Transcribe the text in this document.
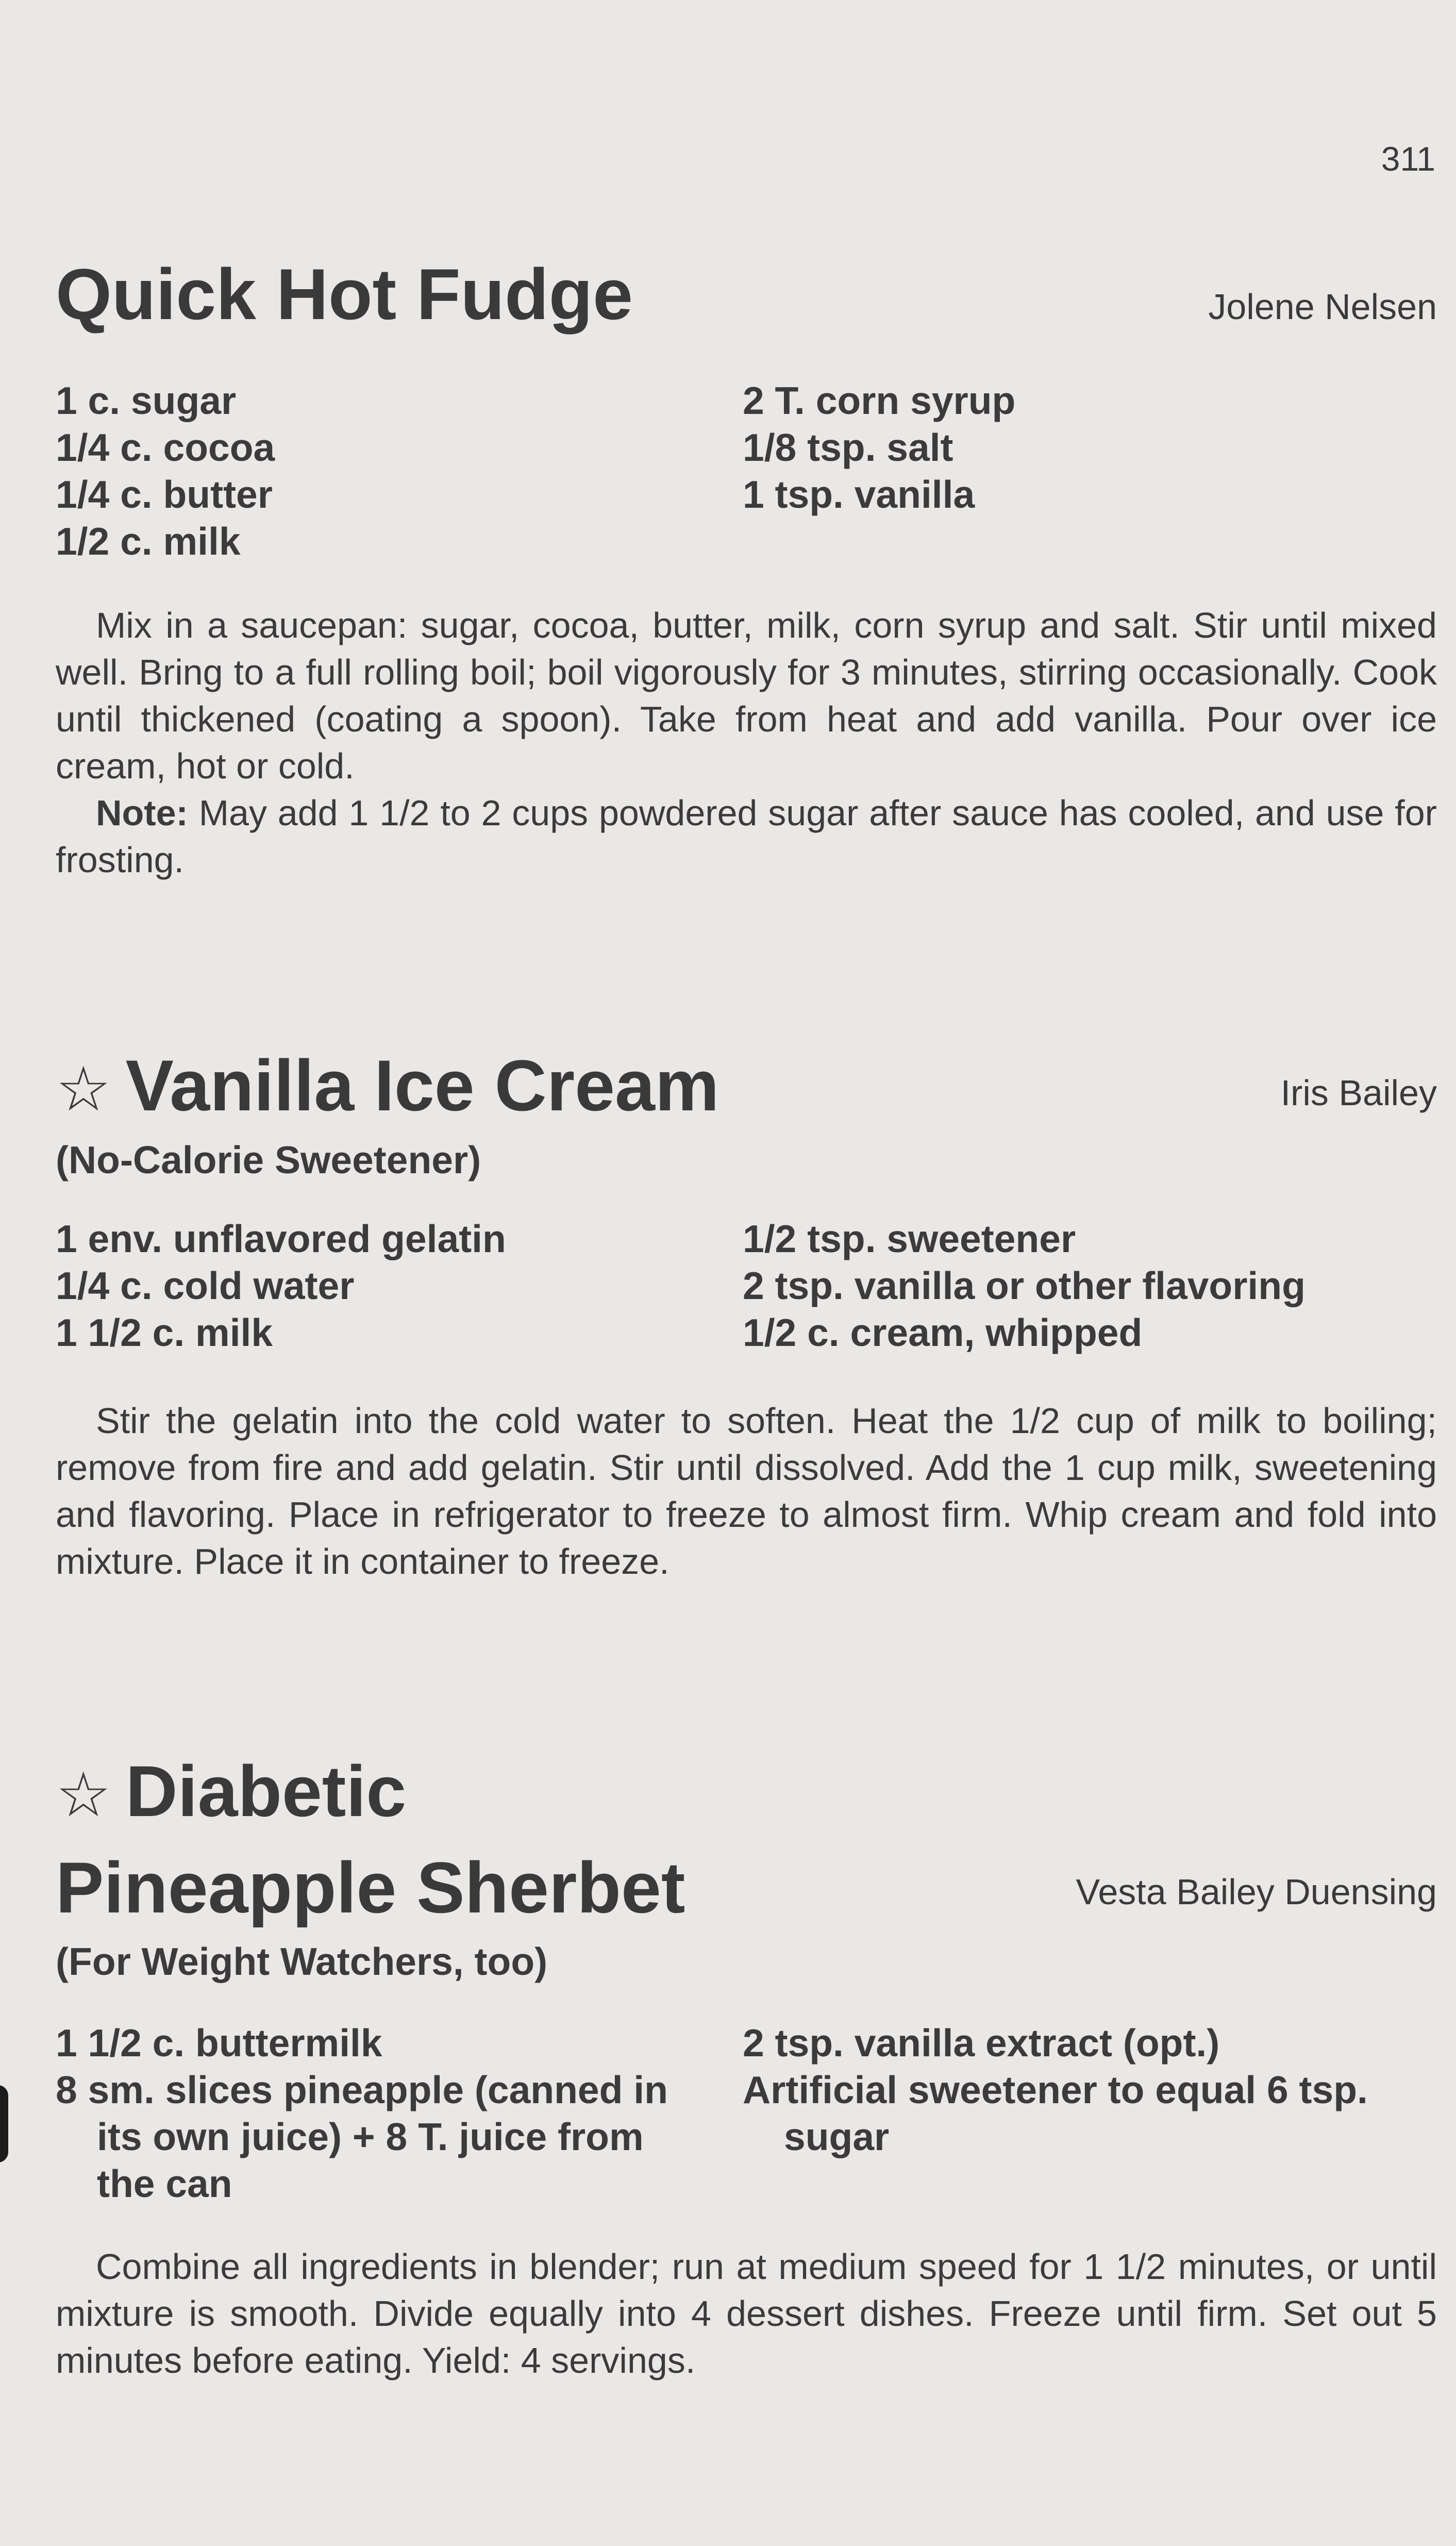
311
Jolene Nelsen
Quick Hot Fudge
1 c. sugar
1/4 c. cocoa
1/4 c. butter
1/2 c. milk
2 T. corn syrup
1/8 tsp. salt
1 tsp. vanilla

Mix in a saucepan: sugar, cocoa, butter, milk, corn syrup and salt. Stir until mixed well. Bring to a full rolling boil; boil vigorously for 3 minutes, stirring occasionally. Cook until thickened (coating a spoon). Take from heat and add vanilla. Pour over ice cream, hot or cold.

Note: May add 1 1/2 to 2 cups powdered sugar after sauce has cooled, and use for frosting.

Iris Bailey
☆ Vanilla Ice Cream
(No-Calorie Sweetener)
1 env. unflavored gelatin
1/4 c. cold water
1 1/2 c. milk
1/2 tsp. sweetener
2 tsp. vanilla or other flavoring
1/2 c. cream, whipped

Stir the gelatin into the cold water to soften. Heat the 1/2 cup of milk to boiling; remove from fire and add gelatin. Stir until dissolved. Add the 1 cup milk, sweetening and flavoring. Place in refrigerator to freeze to almost firm. Whip cream and fold into mixture. Place it in container to freeze.

Vesta Bailey Duensing
☆ Diabetic
Pineapple Sherbet
(For Weight Watchers, too)
1 1/2 c. buttermilk
8 sm. slices pineapple (canned in
its own juice) + 8 T. juice from
the can
2 tsp. vanilla extract (opt.)
Artificial sweetener to equal 6 tsp.
sugar

Combine all ingredients in blender; run at medium speed for 1 1/2 minutes, or until mixture is smooth. Divide equally into 4 dessert dishes. Freeze until firm. Set out 5 minutes before eating. Yield: 4 servings.
